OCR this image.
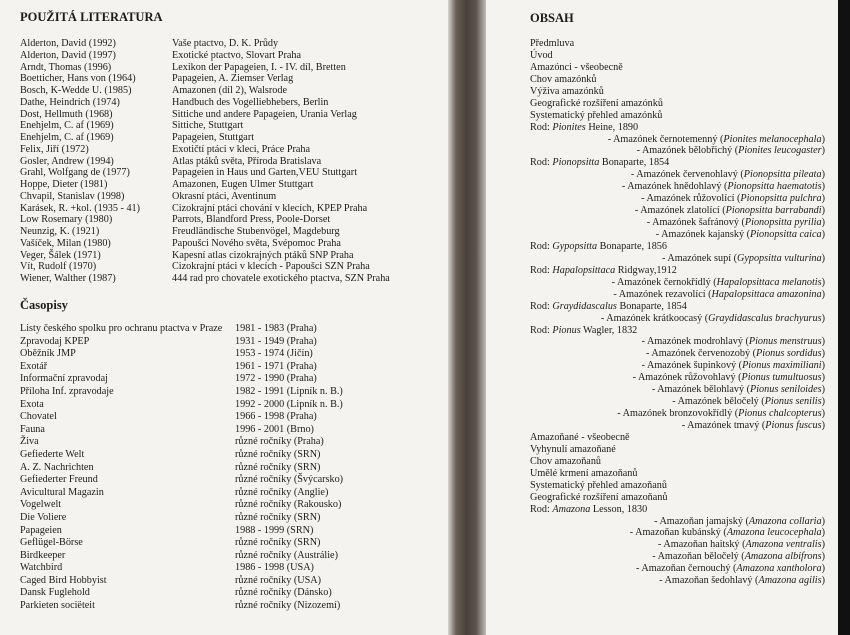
POUŽITÁ LITERATURA
Alderton, David (1992)	Vaše ptactvo, D. K. Průdy
Alderton, David (1997)	Exotické ptactvo, Slovart Praha
Arndt, Thomas (1996)	Lexikon der Papageien, I. - IV. díl, Bretten
Boetticher, Hans von (1964)	Papageien, A. Ziemser Verlag
Bosch, K-Wedde U. (1985)	Amazonen (díl 2), Walsrode
Dathe, Heindrich (1974)	Handbuch des Vogelliebhebers, Berlin
Dost, Hellmuth (1968)	Sittiche und andere Papageien, Urania Verlag
Enehjelm, C. af (1969)	Sittiche, Stuttgart
Enehjelm, C. af (1969)	Papageien, Stuttgart
Felix, Jiří (1972)	Exotičtí ptáci v kleci, Práce Praha
Gosler, Andrew (1994)	Atlas ptáků světa, Příroda Bratislava
Grahl, Wolfgang de (1977)	Papageien in Haus und Garten,VEU Stuttgart
Hoppe, Dieter (1981)	Amazonen, Eugen Ulmer Stuttgart
Chvapil, Stanislav (1998)	Okrasní ptáci, Aventinum
Karásek, R. +kol. (1935 - 41)	Cizokrajní ptáci chování v klecích, KPEP Praha
Low Rosemary (1980)	Parrots, Blandford Press, Poole-Dorset
Neunzig, K. (1921)	Freudländische Stubenvögel, Magdeburg
Vašíček, Milan (1980)	Papoušci Nového světa, Svépomoc Praha
Veger, Šálek (1971)	Kapesní atlas cizokrajných ptáků SNP Praha
Vít, Rudolf (1970)	Cizokrajní ptáci v klecích - Papoušci SZN Praha
Wiener, Walther (1987)	444 rad pro chovatele exotického ptactva, SZN Praha
Časopisy
Listy českého spolku pro ochranu ptactva v Praze 1981 - 1983 (Praha)
Zpravodaj KPEP	1931 - 1949 (Praha)
Oběžník JMP	1953 - 1974 (Jičín)
Exotář	1961 - 1971 (Praha)
Informační zpravodaj	1972 - 1990 (Praha)
Příloha Inf. zpravodaje	1982 - 1991 (Lipník n. B.)
Exota	1992 - 2000 (Lipník n. B.)
Chovatel	1966 - 1998 (Praha)
Fauna	1996 - 2001 (Brno)
Živa	různé ročníky (Praha)
Gefiederte Welt	různé ročníky (SRN)
A. Z. Nachrichten	různé ročníky (SRN)
Gefiederter Freund	různé ročníky (Švýcarsko)
Avicultural Magazin	různé ročníky (Anglie)
Vogelwelt	různé ročníky (Rakousko)
Die Voliere	různé ročníky (SRN)
Papageien	1988 - 1999 (SRN)
Geflügel-Börse	různé ročníky (SRN)
Birdkeeper	různé ročníky (Austrálie)
Watchbird	1986 - 1998 (USA)
Caged Bird Hobbyist	různé ročníky (USA)
Dansk Fuglehold	různé ročníky (Dánsko)
Parkieten sociëteit	různé ročníky (Nizozemí)
OBSAH
Předmluva
Úvod
Amazónci - všeobecně
Chov amazónků
Výživa amazónků
Geografické rozšíření amazónků
Systematický přehled amazónků
Rod: Pionites Heine, 1890
- Amazónek černotemenný (Pionites melanocephala)
- Amazónek bělobřichý (Pionites leucogaster)
Rod: Pionopsitta Bonaparte, 1854
- Amazónek červenohlavý (Pionopsitta pileata)
- Amazónek hnědohlavý (Pionopsitta haematotis)
- Amazónek růžovolící (Pionopsitta pulchra)
- Amazónek zlatolící (Pionopsitta barrabandi)
- Amazónek šafránový (Pionopsitta pyrilia)
- Amazónek kajanský (Pionopsitta caica)
Rod: Gypopsitta Bonaparte, 1856
- Amazónek supí (Gypopsitta vulturina)
Rod: Hapalopsittaca Ridgway,1912
- Amazónek černokřídlý (Hapalopsittaca melanotis)
- Amazónek rezavolící (Hapalopsittaca amazonina)
Rod: Graydidascalus Bonaparte, 1854
- Amazónek krátkoocasý (Graydidascalus brachyurus)
Rod: Pionus Wagler, 1832
- Amazónek modrohlavý (Pionus menstruus)
- Amazónek červenozobý (Pionus sordidus)
- Amazónek šupinkový (Pionus maximiliani)
- Amazónek růžovohlavý (Pionus tumultuosus)
- Amazónek bělohlavý (Pionus seniloides)
- Amazónek běločelý (Pionus senilis)
- Amazónek bronzovokřídlý (Pionus chalcopterus)
- Amazónek tmavý (Pionus fuscus)
Amazoňané - všeobecně
Vyhynulí amazoňané
Chov amazoňanů
Umělé krmení amazoňanů
Systematický přehled amazoňanů
Geografické rozšíření amazoňanů
Rod: Amazona Lesson, 1830
- Amazoňan jamajský (Amazona collaria)
- Amazoňan kubánský (Amazona leucocephala)
- Amazoňan haitský (Amazona ventralis)
- Amazoňan běločelý (Amazona albifrons)
- Amazoňan černouchý (Amazona xantholora)
- Amazoňan šedohlavý (Amazona agilis)
